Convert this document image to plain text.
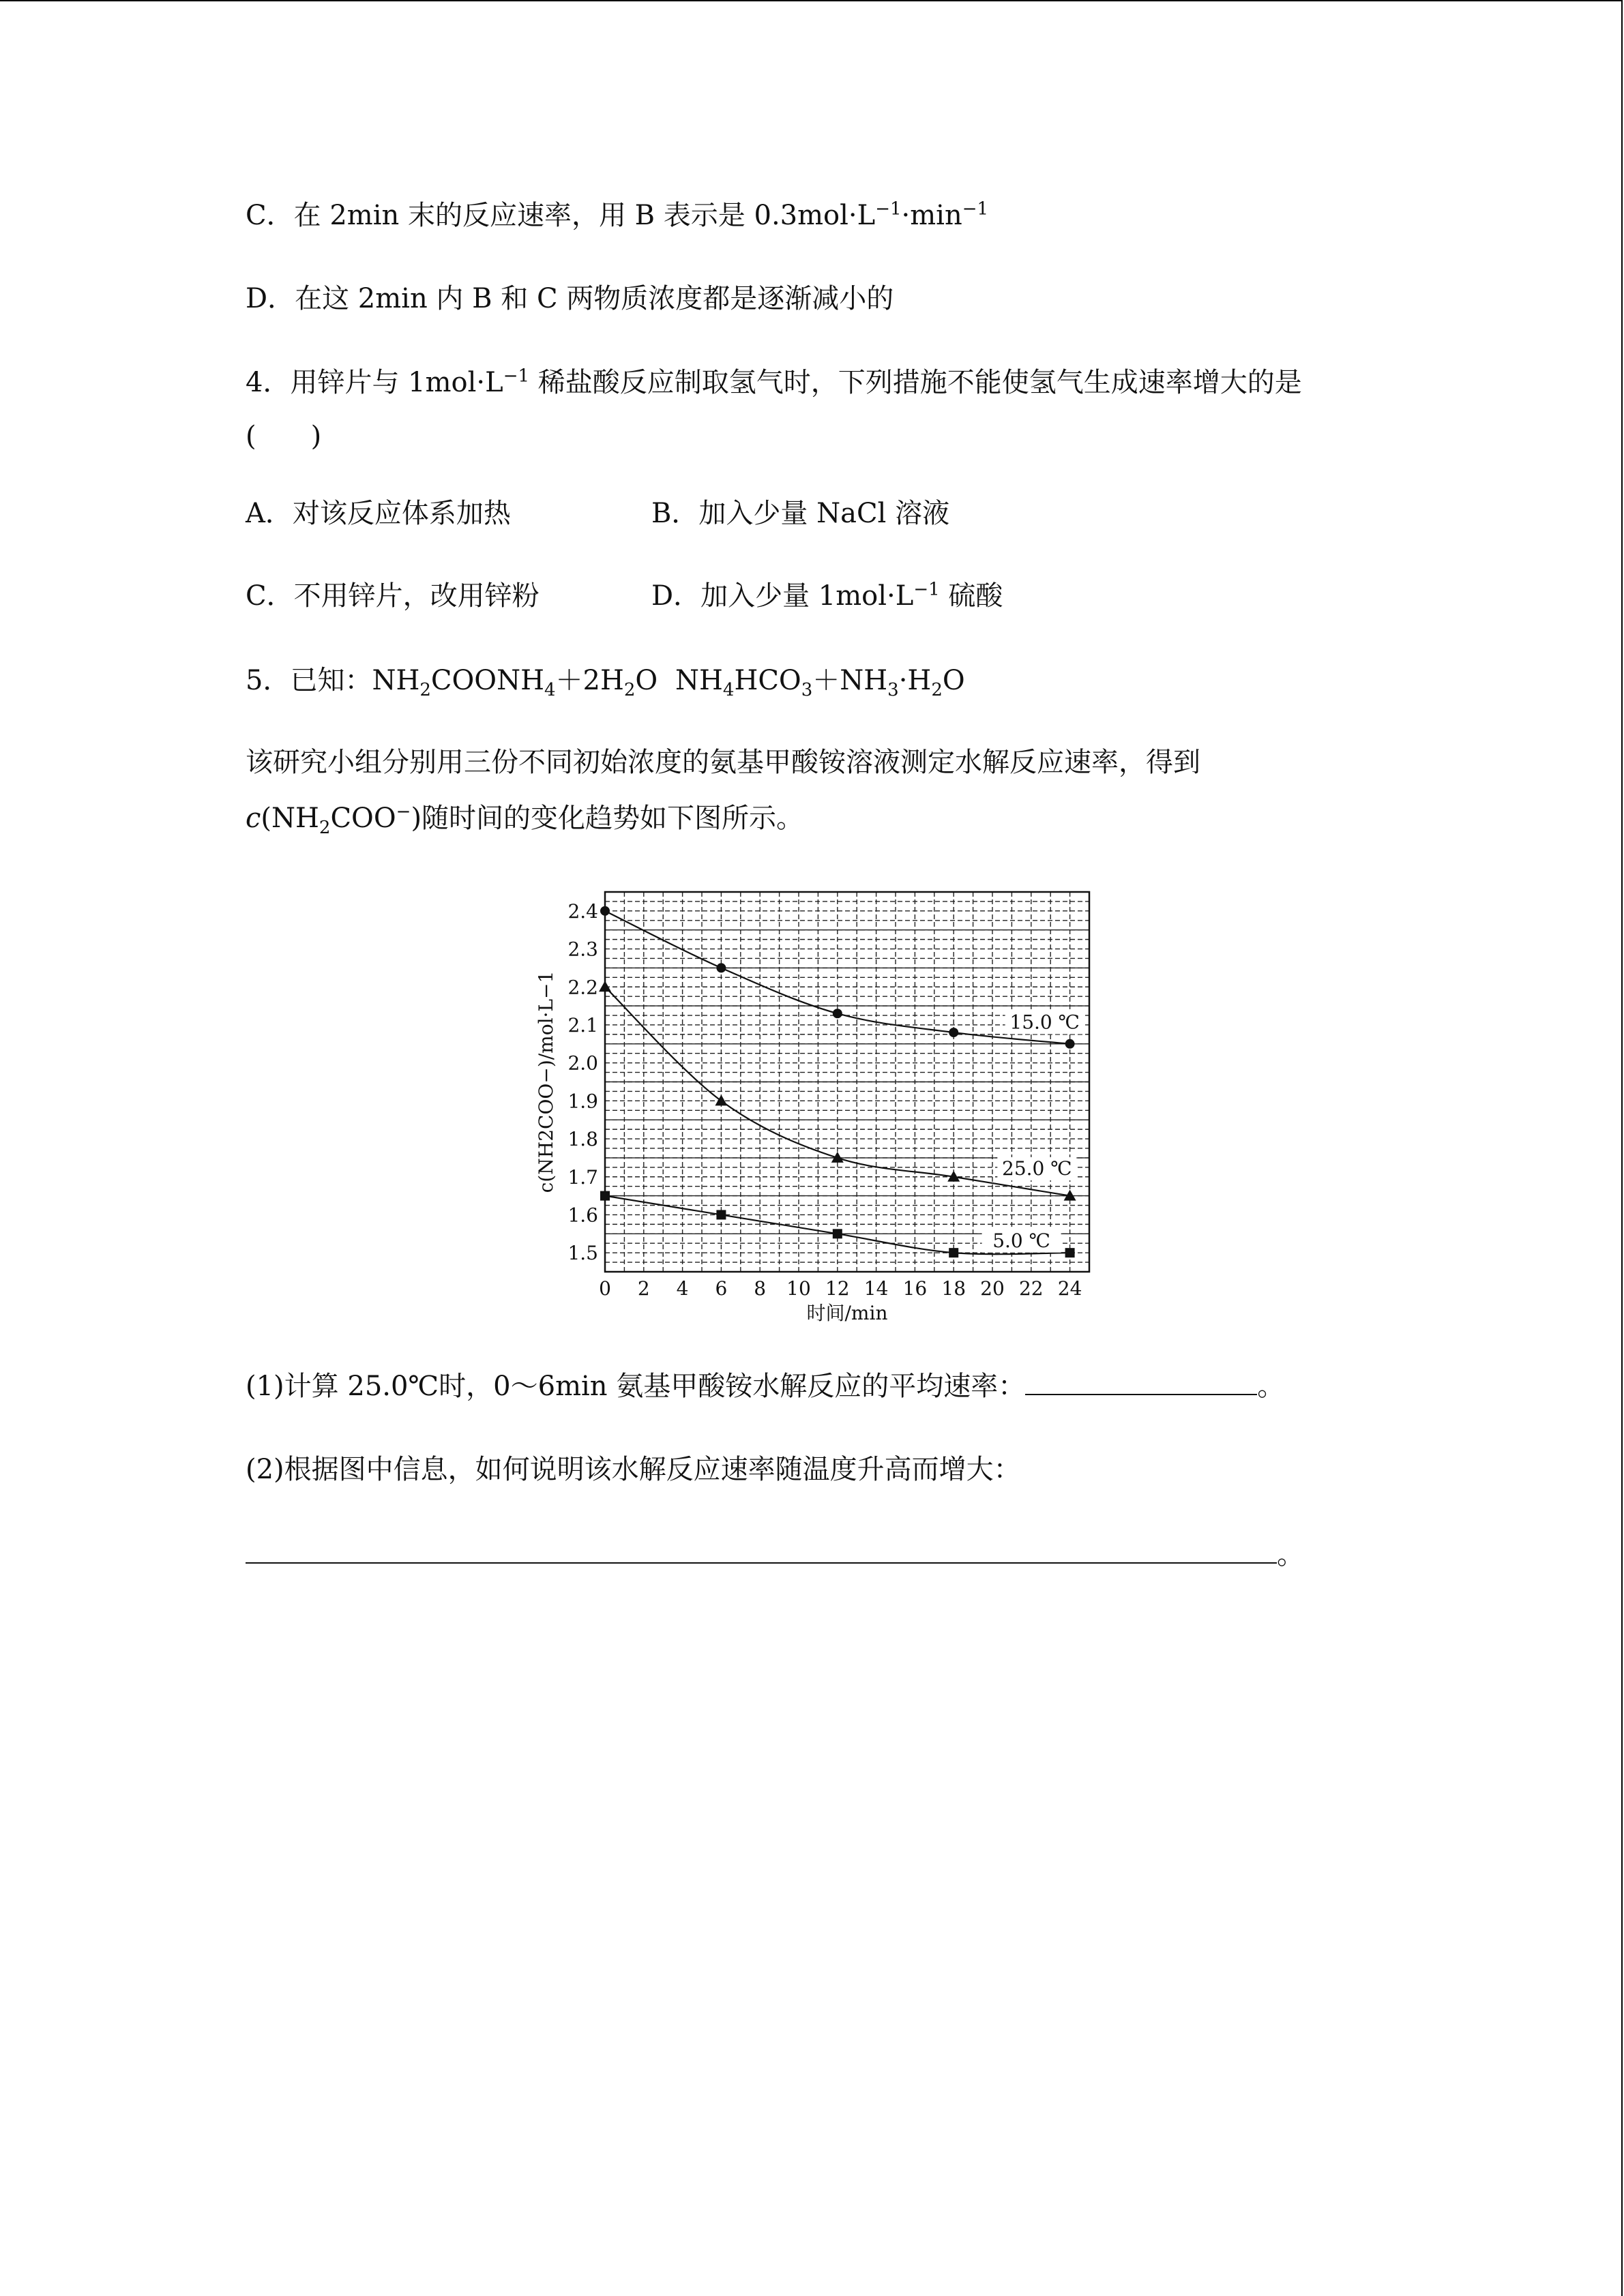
C．在 2min 末的反应速率，用 B 表示是 $0.3mol\cdot L^{-1}\cdot\min^{-1}$
D．在这 2min 内 B 和 C 两物质浓度都是逐渐减小的
4．用锌片与 $1mol\cdot L^{-1}$ 稀盐酸反应制取氢气时，下列措施不能使氢气生成速率增大的是
(　　)
A．对该反应体系加热	B．加入少量 NaCl 溶液
C．不用锌片，改用锌粉	D．加入少量 $1mol\cdot L^{-1}$ 硫酸
5．已知：$NH_2COONH_4+2H_2O$ $NH_4HCO_3+NH_3\cdot H_2O$
该研究小组分别用三份不同初始浓度的氨基甲酸铵溶液测定水解反应速率，得到
$c(NH_2COO^-)$随时间的变化趋势如下图所示。
0 2 4 6 8 10 12 14 16 18 20 22 24
1.5
1.6
1.7
1.8
1.9
2.0
2.1
2.2
2.3
2.4
15.0 ℃
25.0 ℃
5.0 ℃
c(NH2COO−)/mol·L−1
时间/min
(1)计算 25.0℃时，0～6min 氨基甲酸铵水解反应的平均速率：	。
(2)根据图中信息，如何说明该水解反应速率随温度升高而增大：
。
